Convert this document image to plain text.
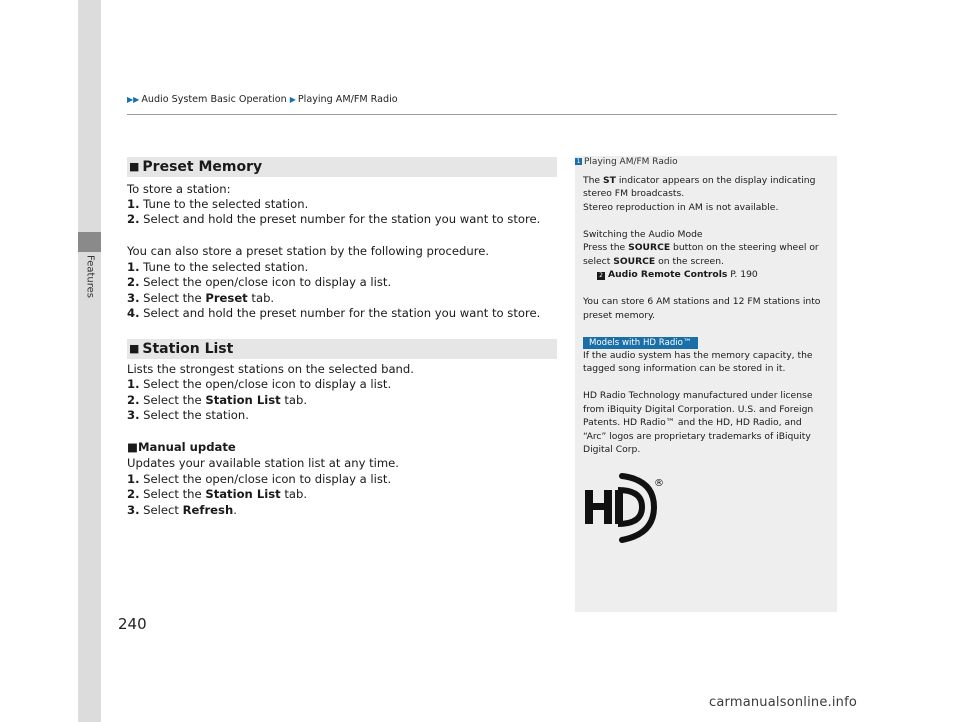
Features
240
▶▶ Audio System Basic Operation ▶ Playing AM/FM Radio
■ Preset Memory
To store a station:
1. Tune to the selected station.
2. Select and hold the preset number for the station you want to store.
You can also store a preset station by the following procedure.
1. Tune to the selected station.
2. Select the open/close icon to display a list.
3. Select the Preset tab.
4. Select and hold the preset number for the station you want to store.
■ Station List
Lists the strongest stations on the selected band.
1. Select the open/close icon to display a list.
2. Select the Station List tab.
3. Select the station.
■Manual update
Updates your available station list at any time.
1. Select the open/close icon to display a list.
2. Select the Station List tab.
3. Select Refresh.
1 Playing AM/FM Radio
The ST indicator appears on the display indicating
stereo FM broadcasts.
Stereo reproduction in AM is not available.
Switching the Audio Mode
Press the SOURCE button on the steering wheel or
select SOURCE on the screen.
2 Audio Remote Controls P. 190
You can store 6 AM stations and 12 FM stations into
preset memory.
Models with HD Radio™
If the audio system has the memory capacity, the
tagged song information can be stored in it.
HD Radio Technology manufactured under license
from iBiquity Digital Corporation. U.S. and Foreign
Patents. HD Radio™ and the HD, HD Radio, and
“Arc” logos are proprietary trademarks of iBiquity
Digital Corp.
®
carmanualsonline.info
